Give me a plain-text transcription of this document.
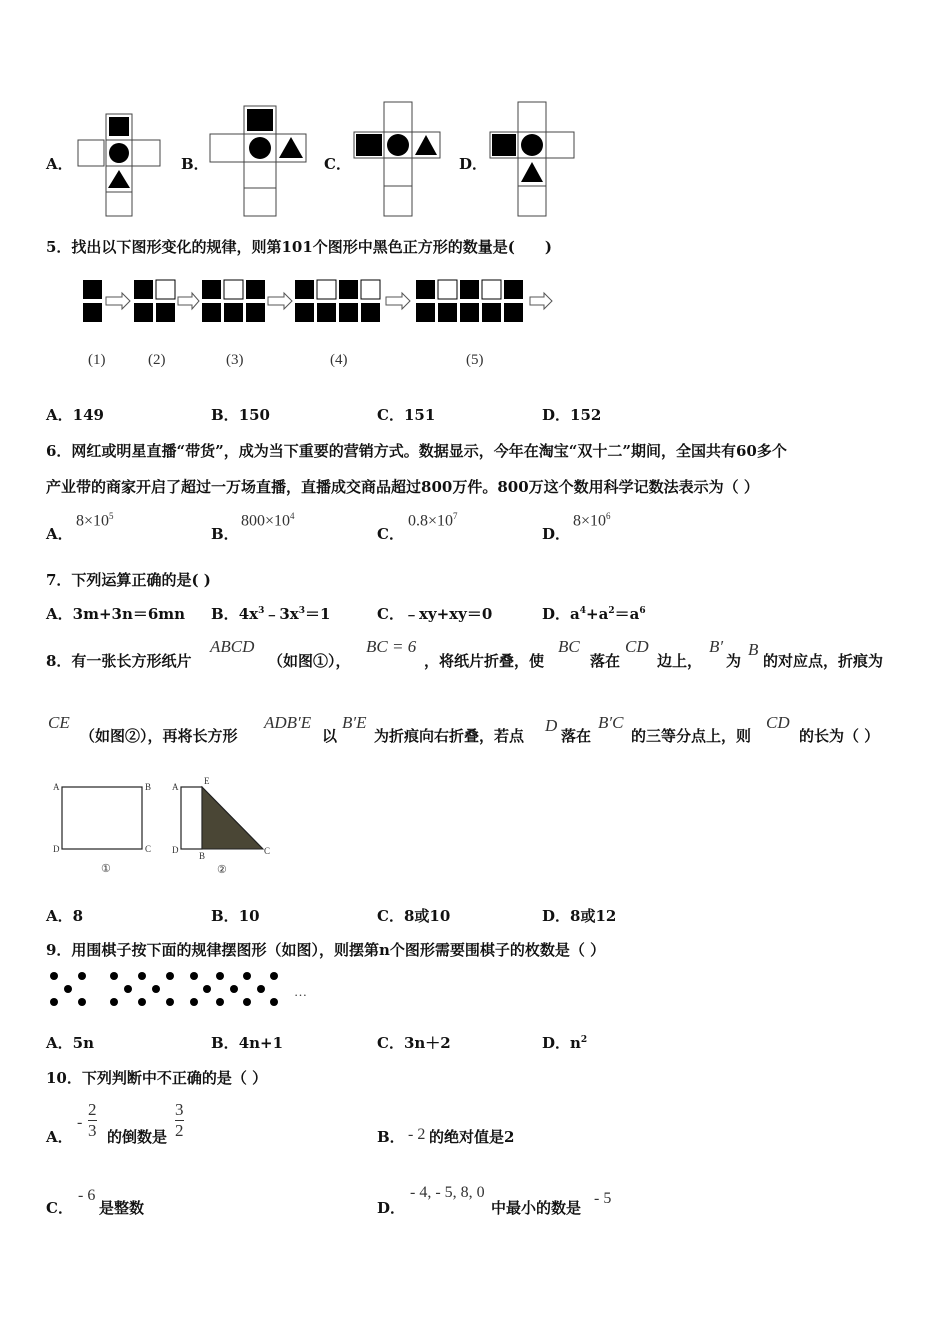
A．	B．	C．	D．
5．找出以下图形变化的规律，则第101个图形中黑色正方形的数量是(　　)
(1)	(2)	(3)	(4)	(5)
A．149	B．150	C．151	D．152
6．网红或明星直播“带货”，成为当下重要的营销方式。数据显示，今年在淘宝“双十二”期间，全国共有60多个
产业带的商家开启了超过一万场直播，直播成交商品超过800万件。800万这个数用科学记数法表示为（ ）
A．
$8\times 10^5$
B．
$800\times 10^4$
C．
$0.8\times 10^7$
D．
$8\times 10^6$
7．下列运算正确的是( )
A．3m+3n＝6mn B．$4x^3﹣3x^3=1$	C．﹣xy+xy＝0	D．$a^4+a^2=a^6$
8．有一张长方形纸片
ABCD
（如图①），
BC = 6
，将纸片折叠，使
BC
落在
CD
边上，
B′
为
B
的对应点，折痕为
CE
（如图②），再将长方形
ADB′E
以
B′E
为折痕向右折叠，若点
D
落在
B′C
的三等分点上，则
CD
的长为（ ）
A	B
D	C
①
A
E
D
B	C
②
A．8	B．10	C．8或10	D．8或12
9．用围棋子按下面的规律摆图形（如图），则摆第n个图形需要围棋子的枚数是（ ）
…
A．5n	B．4n+1	C．3n＋2	D．$n^2$
10．下列判断中不正确的是（ ）
A．
- $\frac{2}{3}$ 的倒数是 $\frac{3}{2}$	B． - 2 的绝对值是2
C．
- 6
是整数	D．
- 4, - 5, 8, 0
中最小的数是
- 5
